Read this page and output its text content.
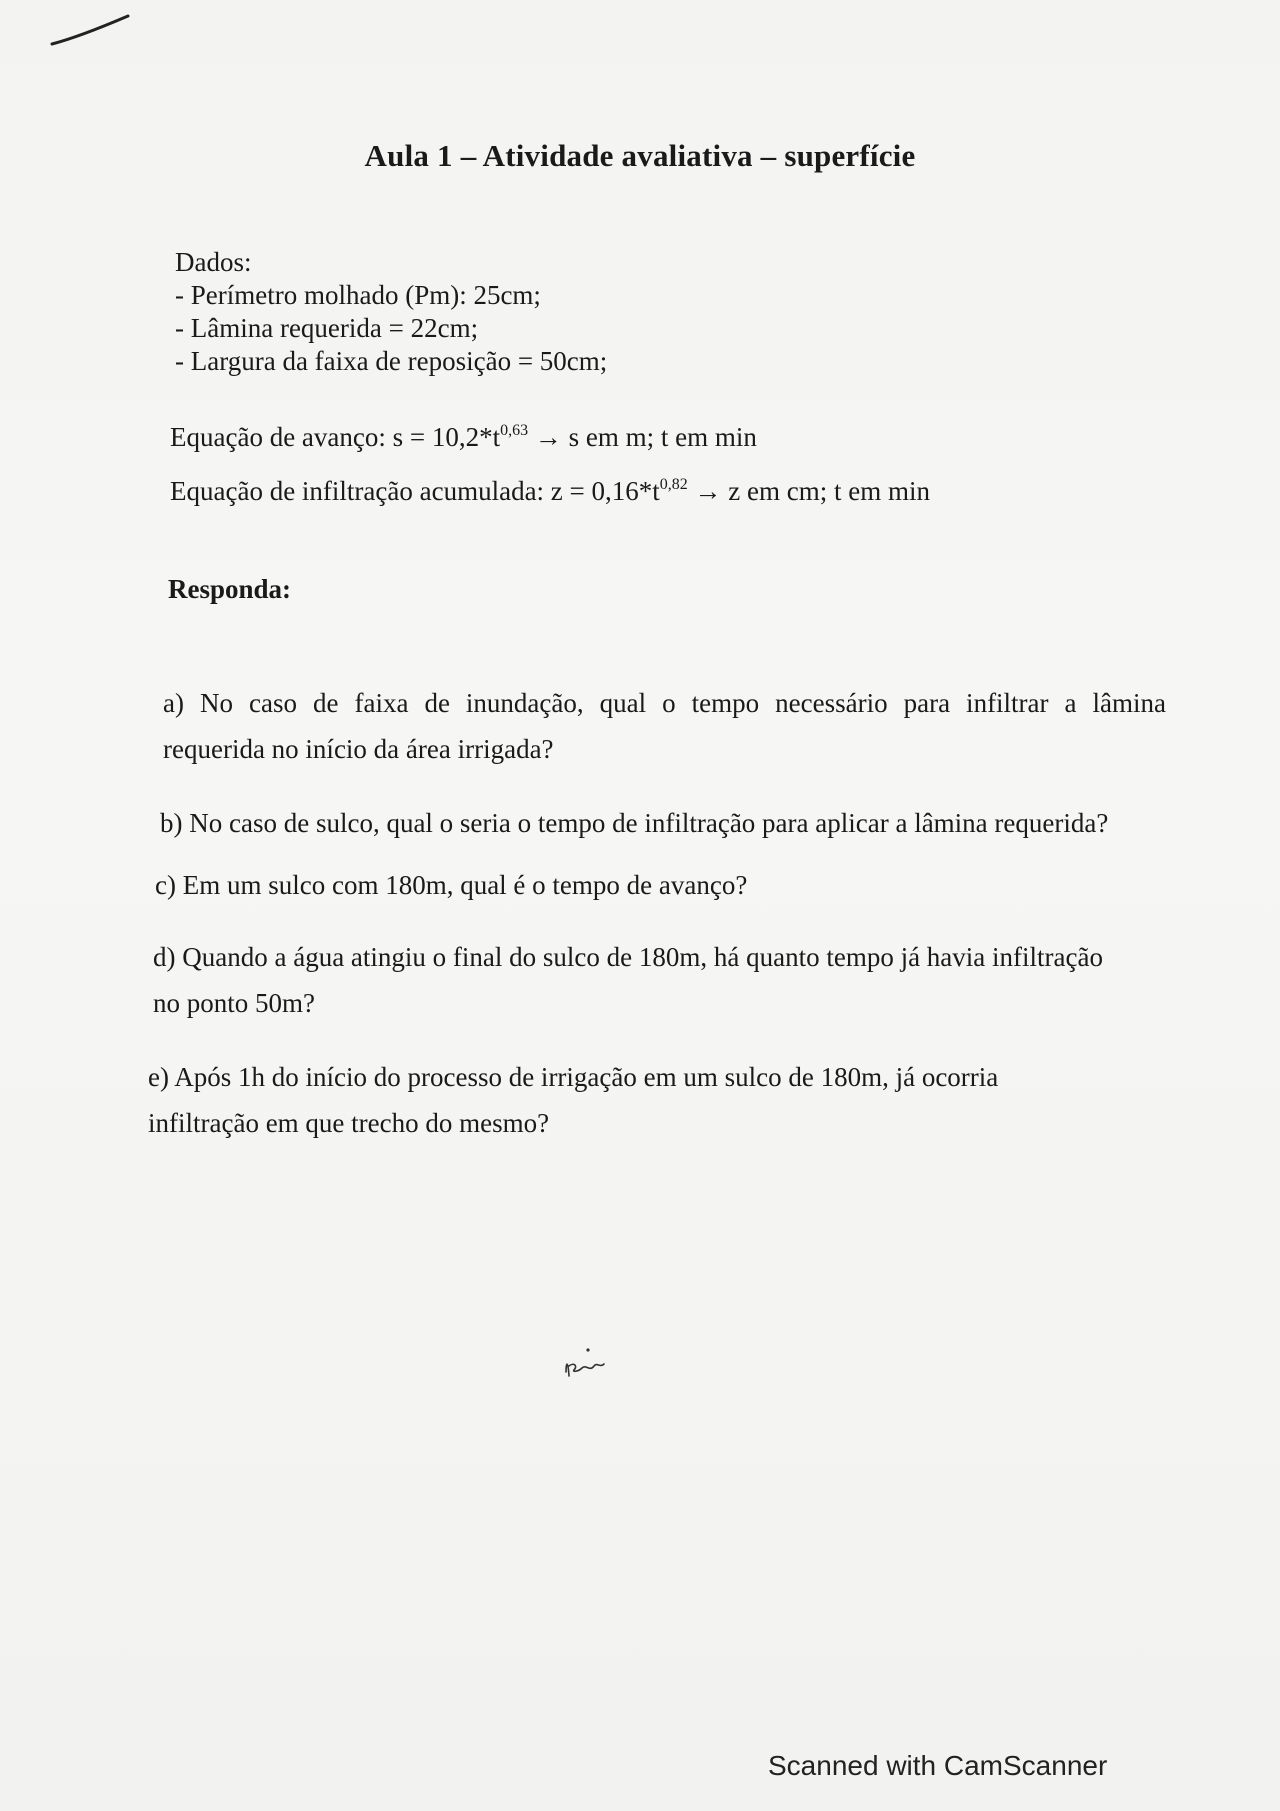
Aula 1 – Atividade avaliativa – superfície
Dados:
- Perímetro molhado (Pm): 25cm;
- Lâmina requerida = 22cm;
- Largura da faixa de reposição = 50cm;
Equação de avanço: $s = 10,2*t^{0,63} \to s$ em m; t em min
Equação de infiltração acumulada: $z = 0,16*t^{0,82} \to z$ em cm; t em min
Responda:
a) No caso de faixa de inundação, qual o tempo necessário para infiltrar a lâmina
requerida no início da área irrigada?
b) No caso de sulco, qual o seria o tempo de infiltração para aplicar a lâmina requerida?
c) Em um sulco com 180m, qual é o tempo de avanço?
d) Quando a água atingiu o final do sulco de 180m, há quanto tempo já havia infiltração
no ponto 50m?
e) Após 1h do início do processo de irrigação em um sulco de 180m, já ocorria
infiltração em que trecho do mesmo?
Scanned with CamScanner
